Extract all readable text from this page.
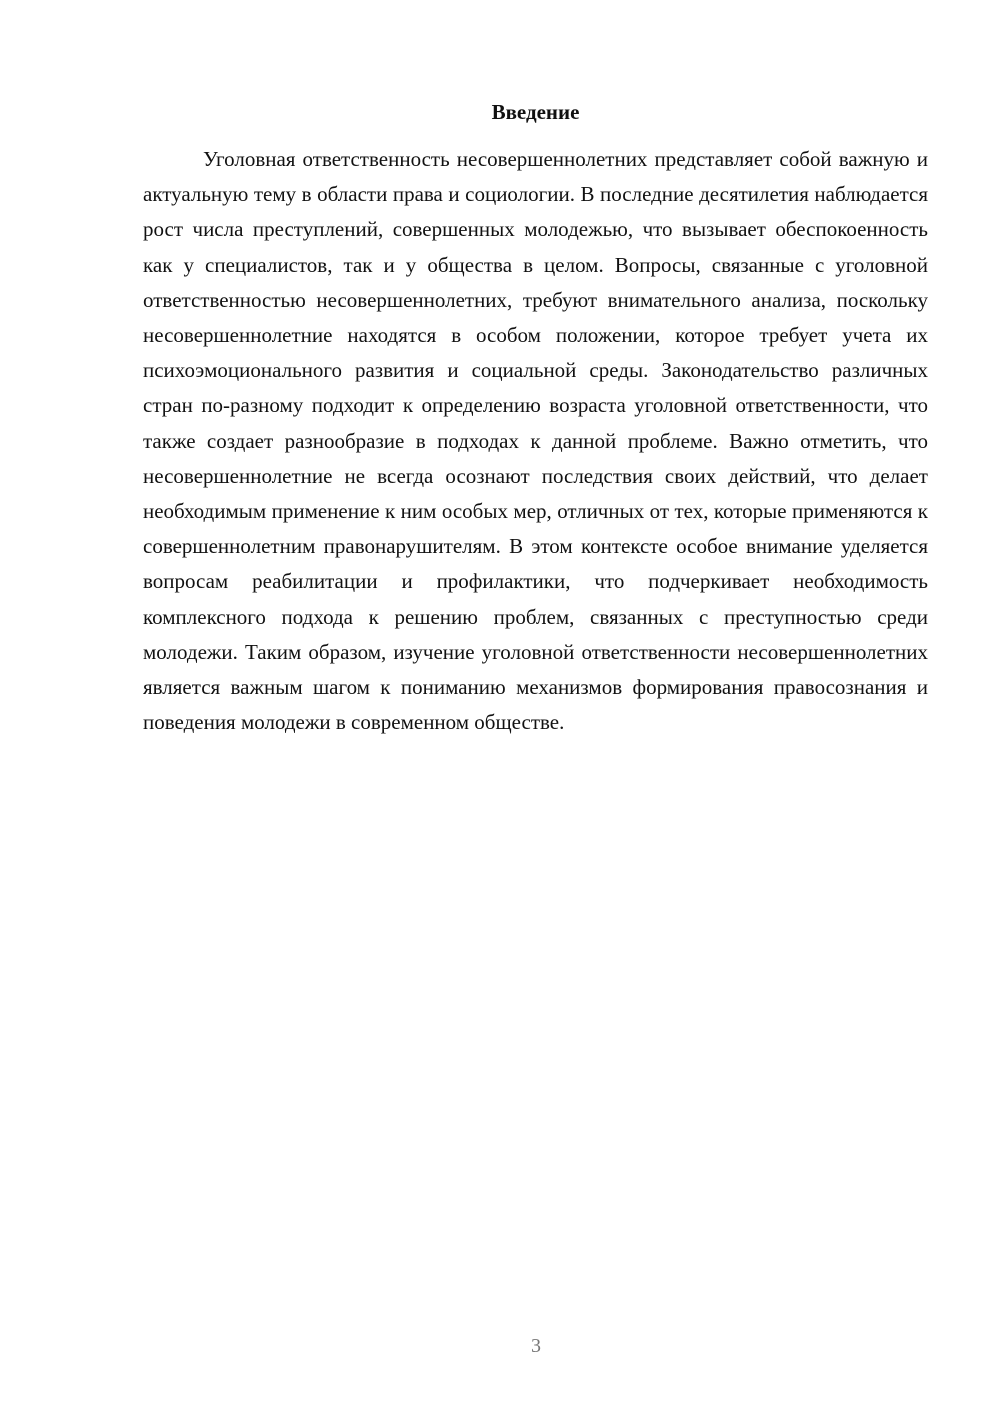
Введение

Уголовная ответственность несовершеннолетних представляет собой важную и актуальную тему в области права и социологии. В последние десятилетия наблюдается рост числа преступлений, совершенных молодежью, что вызывает обеспокоенность как у специалистов, так и у общества в целом. Вопросы, связанные с уголовной ответственностью несовершеннолетних, требуют внимательного анализа, поскольку несовершеннолетние находятся в особом положении, которое требует учета их психоэмоционального развития и социальной среды. Законодательство различных стран по-разному подходит к определению возраста уголовной ответственности, что также создает разнообразие в подходах к данной проблеме. Важно отметить, что несовершеннолетние не всегда осознают последствия своих действий, что делает необходимым применение к ним особых мер, отличных от тех, которые применяются к совершеннолетним правонарушителям. В этом контексте особое внимание уделяется вопросам реабилитации и профилактики, что подчеркивает необходимость комплексного подхода к решению проблем, связанных с преступностью среди молодежи. Таким образом, изучение уголовной ответственности несовершеннолетних является важным шагом к пониманию механизмов формирования правосознания и поведения молодежи в современном обществе.

3
